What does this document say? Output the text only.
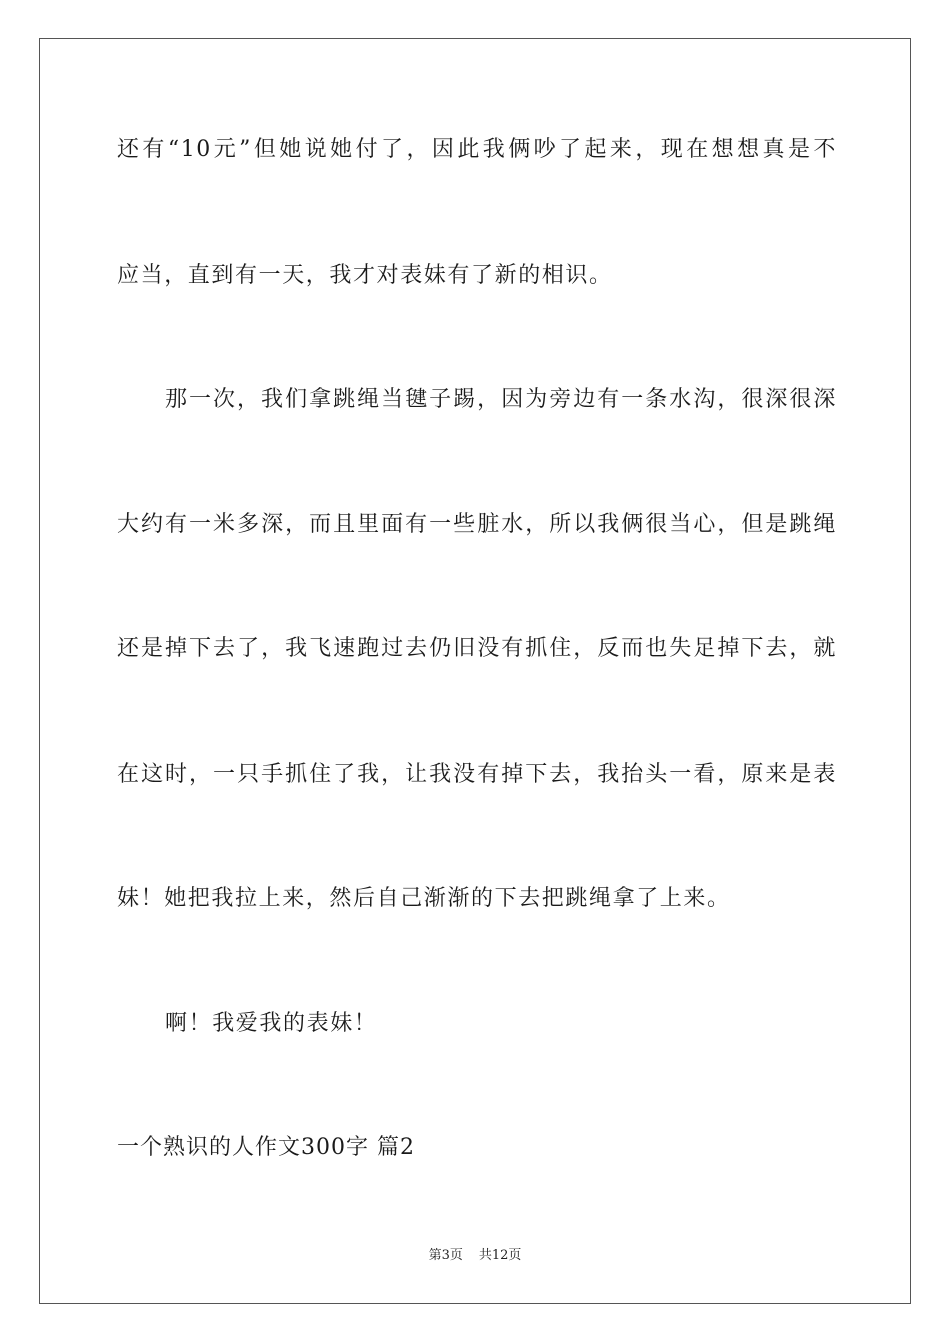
还有“10元”但她说她付了，因此我俩吵了起来，现在想想真是不
应当，直到有一天，我才对表妹有了新的相识。
那一次，我们拿跳绳当毽子踢，因为旁边有一条水沟，很深很深
大约有一米多深，而且里面有一些脏水，所以我俩很当心，但是跳绳
还是掉下去了，我飞速跑过去仍旧没有抓住，反而也失足掉下去，就
在这时，一只手抓住了我，让我没有掉下去，我抬头一看，原来是表
妹！她把我拉上来，然后自己渐渐的下去把跳绳拿了上来。
啊！我爱我的表妹！
一个熟识的人作文300字 篇2
第3页 共12页
